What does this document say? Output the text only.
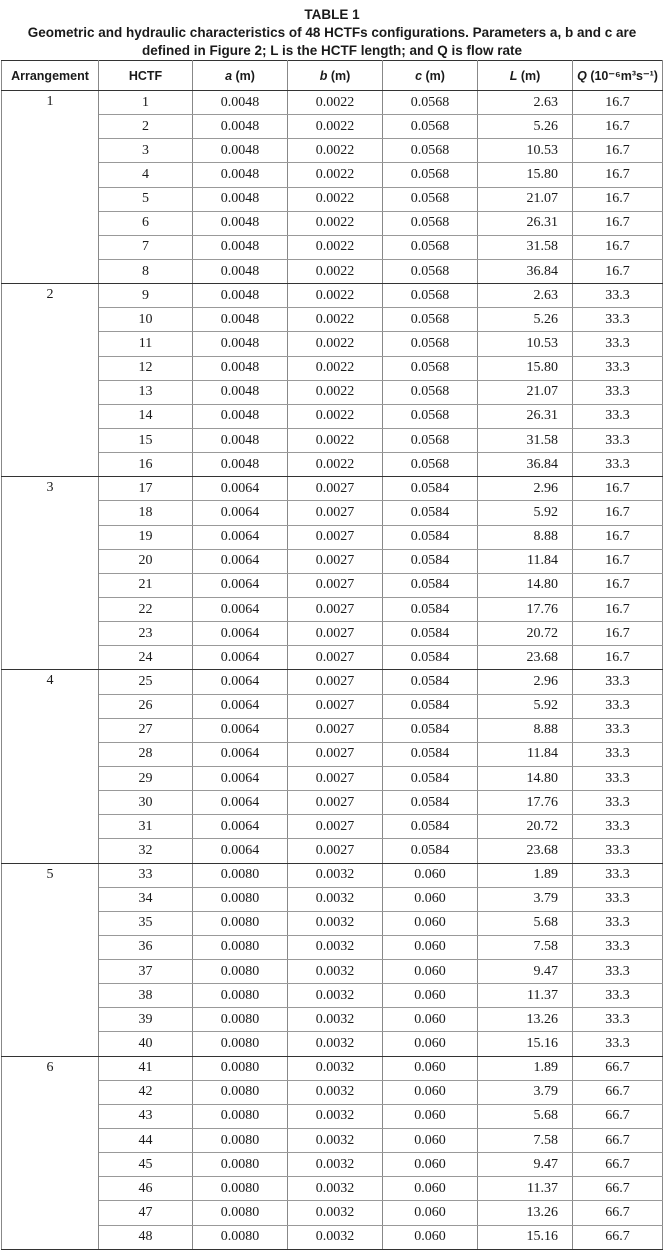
TABLE 1
Geometric and hydraulic characteristics of 48 HCTFs configurations. Parameters a, b and c are
defined in Figure 2; L is the HCTF length; and Q is flow rate
Arrangement	HCTF	a (m)	b (m)	c (m)	L (m)	Q (10⁻⁶m³s⁻¹)
1	1	0.0048	0.0022	0.0568	2.63	16.7
	2	0.0048	0.0022	0.0568	5.26	16.7
	3	0.0048	0.0022	0.0568	10.53	16.7
	4	0.0048	0.0022	0.0568	15.80	16.7
	5	0.0048	0.0022	0.0568	21.07	16.7
	6	0.0048	0.0022	0.0568	26.31	16.7
	7	0.0048	0.0022	0.0568	31.58	16.7
	8	0.0048	0.0022	0.0568	36.84	16.7
2	9	0.0048	0.0022	0.0568	2.63	33.3
	10	0.0048	0.0022	0.0568	5.26	33.3
	11	0.0048	0.0022	0.0568	10.53	33.3
	12	0.0048	0.0022	0.0568	15.80	33.3
	13	0.0048	0.0022	0.0568	21.07	33.3
	14	0.0048	0.0022	0.0568	26.31	33.3
	15	0.0048	0.0022	0.0568	31.58	33.3
	16	0.0048	0.0022	0.0568	36.84	33.3
3	17	0.0064	0.0027	0.0584	2.96	16.7
	18	0.0064	0.0027	0.0584	5.92	16.7
	19	0.0064	0.0027	0.0584	8.88	16.7
	20	0.0064	0.0027	0.0584	11.84	16.7
	21	0.0064	0.0027	0.0584	14.80	16.7
	22	0.0064	0.0027	0.0584	17.76	16.7
	23	0.0064	0.0027	0.0584	20.72	16.7
	24	0.0064	0.0027	0.0584	23.68	16.7
4	25	0.0064	0.0027	0.0584	2.96	33.3
	26	0.0064	0.0027	0.0584	5.92	33.3
	27	0.0064	0.0027	0.0584	8.88	33.3
	28	0.0064	0.0027	0.0584	11.84	33.3
	29	0.0064	0.0027	0.0584	14.80	33.3
	30	0.0064	0.0027	0.0584	17.76	33.3
	31	0.0064	0.0027	0.0584	20.72	33.3
	32	0.0064	0.0027	0.0584	23.68	33.3
5	33	0.0080	0.0032	0.060	1.89	33.3
	34	0.0080	0.0032	0.060	3.79	33.3
	35	0.0080	0.0032	0.060	5.68	33.3
	36	0.0080	0.0032	0.060	7.58	33.3
	37	0.0080	0.0032	0.060	9.47	33.3
	38	0.0080	0.0032	0.060	11.37	33.3
	39	0.0080	0.0032	0.060	13.26	33.3
	40	0.0080	0.0032	0.060	15.16	33.3
6	41	0.0080	0.0032	0.060	1.89	66.7
	42	0.0080	0.0032	0.060	3.79	66.7
	43	0.0080	0.0032	0.060	5.68	66.7
	44	0.0080	0.0032	0.060	7.58	66.7
	45	0.0080	0.0032	0.060	9.47	66.7
	46	0.0080	0.0032	0.060	11.37	66.7
	47	0.0080	0.0032	0.060	13.26	66.7
	48	0.0080	0.0032	0.060	15.16	66.7
